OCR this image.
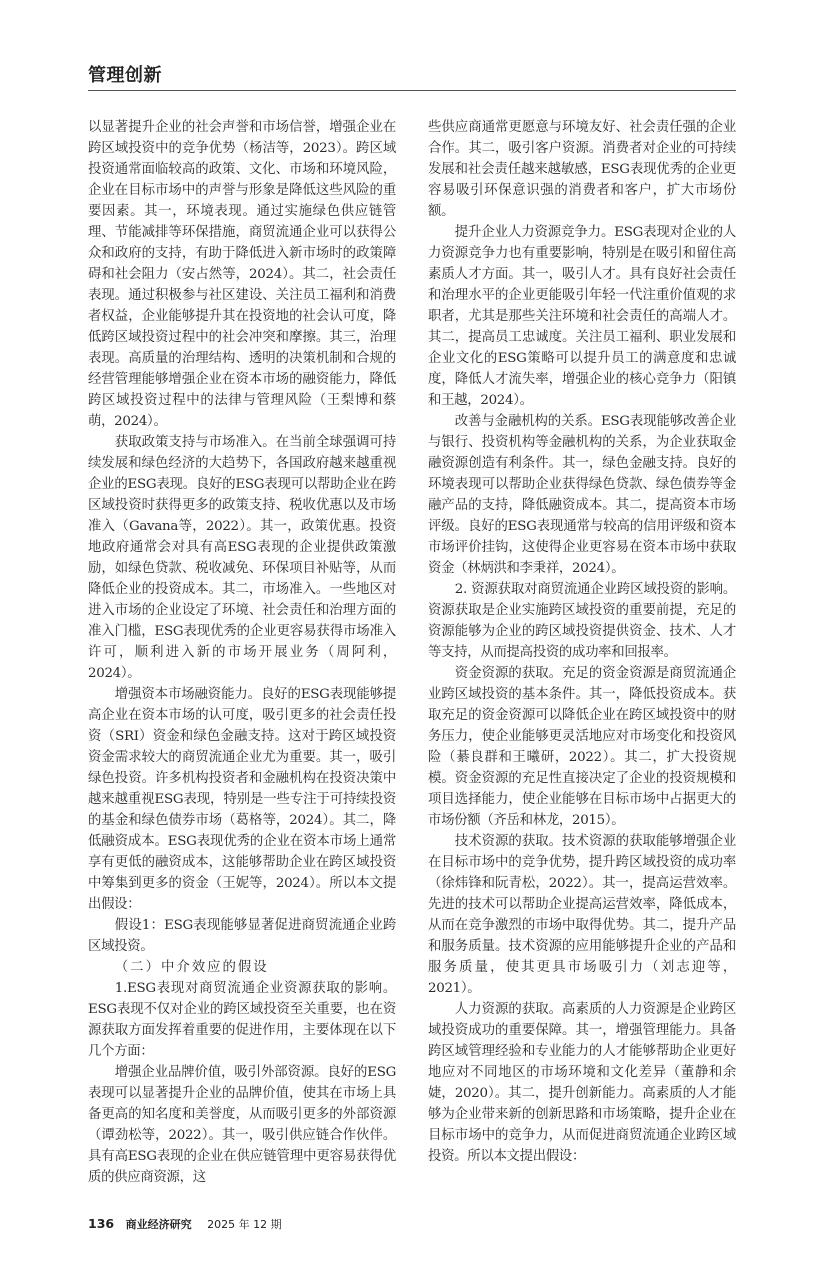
管理创新

以显著提升企业的社会声誉和市场信誉，增强企业在跨区域投资中的竞争优势（杨洁等，2023）。跨区域投资通常面临较高的政策、文化、市场和环境风险，企业在目标市场中的声誉与形象是降低这些风险的重要因素。其一，环境表现。通过实施绿色供应链管理、节能减排等环保措施，商贸流通企业可以获得公众和政府的支持，有助于降低进入新市场时的政策障碍和社会阻力（安占然等，2024）。其二，社会责任表现。通过积极参与社区建设、关注员工福利和消费者权益，企业能够提升其在投资地的社会认可度，降低跨区域投资过程中的社会冲突和摩擦。其三，治理表现。高质量的治理结构、透明的决策机制和合规的经营管理能够增强企业在资本市场的融资能力，降低跨区域投资过程中的法律与管理风险（王梨博和蔡萌，2024）。

获取政策支持与市场准入。在当前全球强调可持续发展和绿色经济的大趋势下，各国政府越来越重视企业的ESG表现。良好的ESG表现可以帮助企业在跨区域投资时获得更多的政策支持、税收优惠以及市场准入（Gavana等，2022）。其一，政策优惠。投资地政府通常会对具有高ESG表现的企业提供政策激励，如绿色贷款、税收减免、环保项目补贴等，从而降低企业的投资成本。其二，市场准入。一些地区对进入市场的企业设定了环境、社会责任和治理方面的准入门槛，ESG表现优秀的企业更容易获得市场准入许可，顺利进入新的市场开展业务（周阿利，2024）。

增强资本市场融资能力。良好的ESG表现能够提高企业在资本市场的认可度，吸引更多的社会责任投资（SRI）资金和绿色金融支持。这对于跨区域投资资金需求较大的商贸流通企业尤为重要。其一，吸引绿色投资。许多机构投资者和金融机构在投资决策中越来越重视ESG表现，特别是一些专注于可持续投资的基金和绿色债券市场（葛格等，2024）。其二，降低融资成本。ESG表现优秀的企业在资本市场上通常享有更低的融资成本，这能够帮助企业在跨区域投资中筹集到更多的资金（王妮等，2024）。所以本文提出假设：

假设1：ESG表现能够显著促进商贸流通企业跨区域投资。

（二）中介效应的假设

1.ESG表现对商贸流通企业资源获取的影响。ESG表现不仅对企业的跨区域投资至关重要，也在资源获取方面发挥着重要的促进作用，主要体现在以下几个方面：

增强企业品牌价值，吸引外部资源。良好的ESG表现可以显著提升企业的品牌价值，使其在市场上具备更高的知名度和美誉度，从而吸引更多的外部资源（谭劲松等，2022）。其一，吸引供应链合作伙伴。具有高ESG表现的企业在供应链管理中更容易获得优质的供应商资源，这

些供应商通常更愿意与环境友好、社会责任强的企业合作。其二，吸引客户资源。消费者对企业的可持续发展和社会责任越来越敏感，ESG表现优秀的企业更容易吸引环保意识强的消费者和客户，扩大市场份额。

提升企业人力资源竞争力。ESG表现对企业的人力资源竞争力也有重要影响，特别是在吸引和留住高素质人才方面。其一，吸引人才。具有良好社会责任和治理水平的企业更能吸引年轻一代注重价值观的求职者，尤其是那些关注环境和社会责任的高端人才。其二，提高员工忠诚度。关注员工福利、职业发展和企业文化的ESG策略可以提升员工的满意度和忠诚度，降低人才流失率，增强企业的核心竞争力（阳镇和王越，2024）。

改善与金融机构的关系。ESG表现能够改善企业与银行、投资机构等金融机构的关系，为企业获取金融资源创造有利条件。其一，绿色金融支持。良好的环境表现可以帮助企业获得绿色贷款、绿色债券等金融产品的支持，降低融资成本。其二，提高资本市场评级。良好的ESG表现通常与较高的信用评级和资本市场评价挂钩，这使得企业更容易在资本市场中获取资金（林炳洪和李秉祥，2024）。

2. 资源获取对商贸流通企业跨区域投资的影响。资源获取是企业实施跨区域投资的重要前提，充足的资源能够为企业的跨区域投资提供资金、技术、人才等支持，从而提高投资的成功率和回报率。

资金资源的获取。充足的资金资源是商贸流通企业跨区域投资的基本条件。其一，降低投资成本。获取充足的资金资源可以降低企业在跨区域投资中的财务压力，使企业能够更灵活地应对市场变化和投资风险（綦良群和王曦研，2022）。其二，扩大投资规模。资金资源的充足性直接决定了企业的投资规模和项目选择能力，使企业能够在目标市场中占据更大的市场份额（齐岳和林龙，2015）。

技术资源的获取。技术资源的获取能够增强企业在目标市场中的竞争优势，提升跨区域投资的成功率（徐炜锋和阮青松，2022）。其一，提高运营效率。先进的技术可以帮助企业提高运营效率，降低成本，从而在竞争激烈的市场中取得优势。其二，提升产品和服务质量。技术资源的应用能够提升企业的产品和服务质量，使其更具市场吸引力（刘志迎等，2021）。

人力资源的获取。高素质的人力资源是企业跨区域投资成功的重要保障。其一，增强管理能力。具备跨区域管理经验和专业能力的人才能够帮助企业更好地应对不同地区的市场环境和文化差异（董静和余婕，2020）。其二，提升创新能力。高素质的人才能够为企业带来新的创新思路和市场策略，提升企业在目标市场中的竞争力，从而促进商贸流通企业跨区域投资。所以本文提出假设：

136 商业经济研究 2025 年 12 期
